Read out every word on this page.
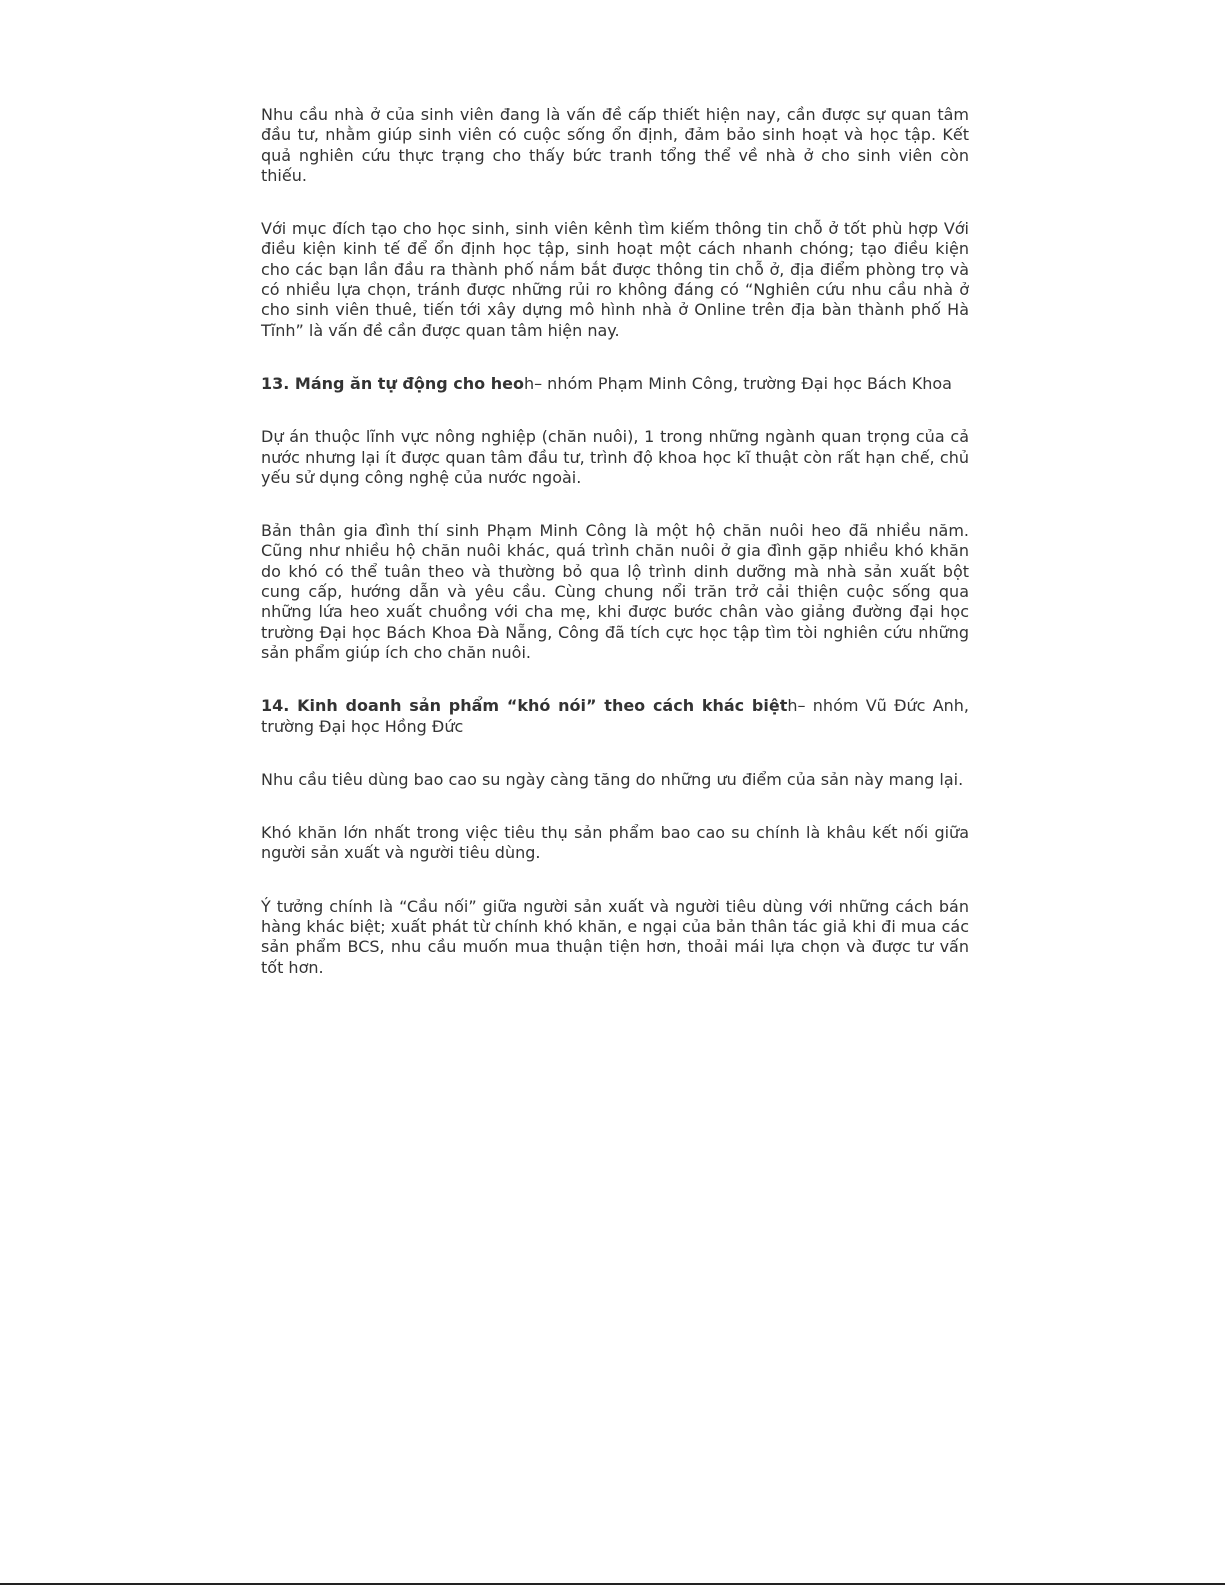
Nhu cầu nhà ở của sinh viên đang là vấn đề cấp thiết hiện nay, cần được sự quan tâm đầu tư, nhằm giúp sinh viên có cuộc sống ổn định, đảm bảo sinh hoạt và học tập. Kết quả nghiên cứu thực trạng cho thấy bức tranh tổng thể về nhà ở cho sinh viên còn thiếu.

Với mục đích tạo cho học sinh, sinh viên kênh tìm kiếm thông tin chỗ ở tốt phù hợp Với điều kiện kinh tế để ổn định học tập, sinh hoạt một cách nhanh chóng; tạo điều kiện cho các bạn lần đầu ra thành phố nắm bắt được thông tin chỗ ở, địa điểm phòng trọ và có nhiều lựa chọn, tránh được những rủi ro không đáng có “Nghiên cứu nhu cầu nhà ở cho sinh viên thuê, tiến tới xây dựng mô hình nhà ở Online trên địa bàn thành phố Hà Tĩnh” là vấn đề cần được quan tâm hiện nay.

13. Máng ăn tự động cho heoh– nhóm Phạm Minh Công, trường Đại học Bách Khoa

Dự án thuộc lĩnh vực nông nghiệp (chăn nuôi), 1 trong những ngành quan trọng của cả nước nhưng lại ít được quan tâm đầu tư, trình độ khoa học kĩ thuật còn rất hạn chế, chủ yếu sử dụng công nghệ của nước ngoài.

Bản thân gia đình thí sinh Phạm Minh Công là một hộ chăn nuôi heo đã nhiều năm. Cũng như nhiều hộ chăn nuôi khác, quá trình chăn nuôi ở gia đình gặp nhiều khó khăn do khó có thể tuân theo và thường bỏ qua lộ trình dinh dưỡng mà nhà sản xuất bột cung cấp, hướng dẫn và yêu cầu. Cùng chung nổi trăn trở cải thiện cuộc sống qua những lứa heo xuất chuồng với cha mẹ, khi được bước chân vào giảng đường đại học trường Đại học Bách Khoa Đà Nẵng, Công đã tích cực học tập tìm tòi nghiên cứu những sản phẩm giúp ích cho chăn nuôi.

14. Kinh doanh sản phẩm “khó nói” theo cách khác biệth– nhóm Vũ Đức Anh, trường Đại học Hồng Đức

Nhu cầu tiêu dùng bao cao su ngày càng tăng do những ưu điểm của sản này mang lại.

Khó khăn lớn nhất trong việc tiêu thụ sản phẩm bao cao su chính là khâu kết nối giữa người sản xuất và người tiêu dùng.

Ý tưởng chính là “Cầu nối” giữa người sản xuất và người tiêu dùng với những cách bán hàng khác biệt; xuất phát từ chính khó khăn, e ngại của bản thân tác giả khi đi mua các sản phẩm BCS, nhu cầu muốn mua thuận tiện hơn, thoải mái lựa chọn và được tư vấn tốt hơn.
